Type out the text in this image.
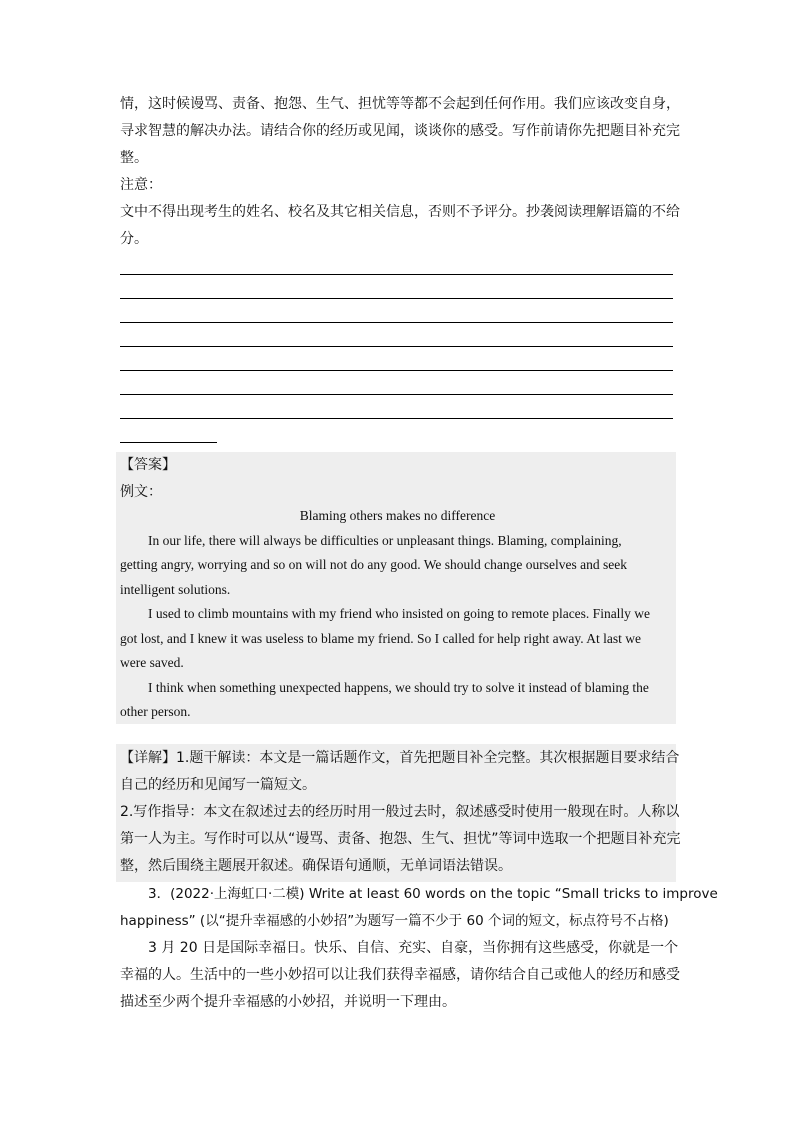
情，这时候谩骂、责备、抱怨、生气、担忧等等都不会起到任何作用。我们应该改变自身，
寻求智慧的解决办法。请结合你的经历或见闻，谈谈你的感受。写作前请你先把题目补充完
整。
注意：
文中不得出现考生的姓名、校名及其它相关信息，否则不予评分。抄袭阅读理解语篇的不给
分。
【答案】
例文：
Blaming others makes no difference
In our life, there will always be difficulties or unpleasant things. Blaming, complaining,
getting angry, worrying and so on will not do any good. We should change ourselves and seek
intelligent solutions.
I used to climb mountains with my friend who insisted on going to remote places. Finally we
got lost, and I knew it was useless to blame my friend. So I called for help right away. At last we
were saved.
I think when something unexpected happens, we should try to solve it instead of blaming the
other person.
【详解】1.题干解读：本文是一篇话题作文，首先把题目补全完整。其次根据题目要求结合
自己的经历和见闻写一篇短文。
2.写作指导：本文在叙述过去的经历时用一般过去时，叙述感受时使用一般现在时。人称以
第一人为主。写作时可以从“谩骂、责备、抱怨、生气、担忧”等词中选取一个把题目补充完
整，然后围绕主题展开叙述。确保语句通顺，无单词语法错误。
3．(2022·上海虹口·二模) Write at least 60 words on the topic “Small tricks to improve
happiness” (以“提升幸福感的小妙招”为题写一篇不少于 60 个词的短文，标点符号不占格)
3 月 20 日是国际幸福日。快乐、自信、充实、自豪，当你拥有这些感受，你就是一个
幸福的人。生活中的一些小妙招可以让我们获得幸福感，请你结合自己或他人的经历和感受
描述至少两个提升幸福感的小妙招，并说明一下理由。
